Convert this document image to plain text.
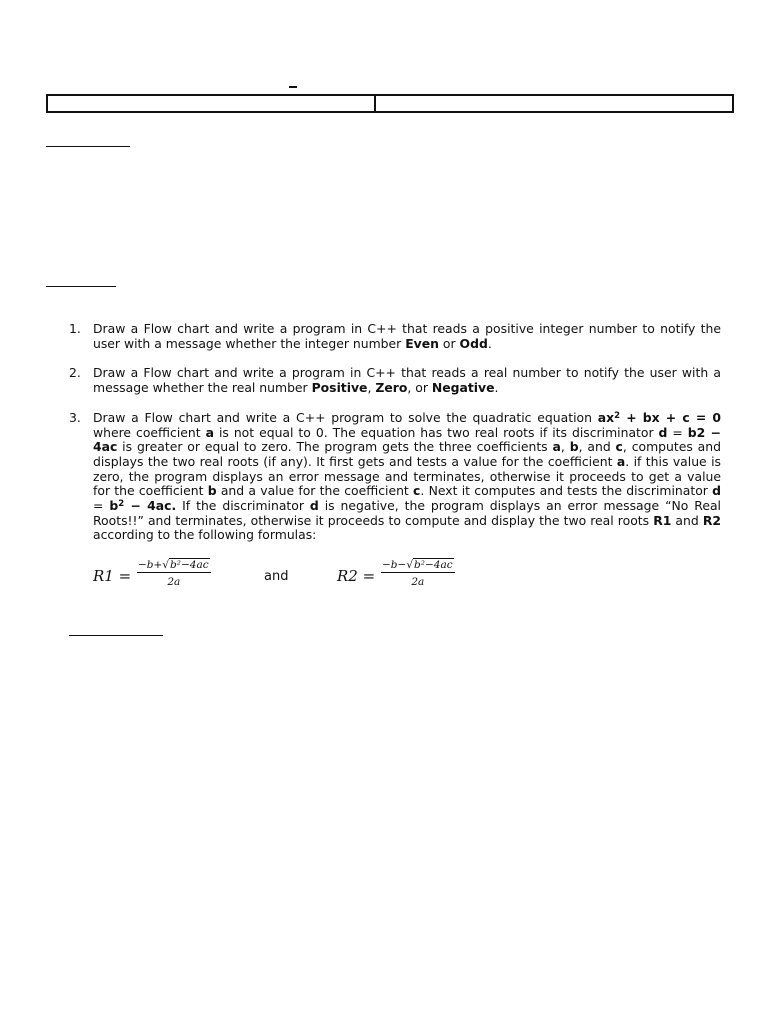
1. Draw a Flow chart and write a program in C++ that reads a positive integer number to notify the user with a message whether the integer number Even or Odd.
2. Draw a Flow chart and write a program in C++ that reads a real number to notify the user with a message whether the real number Positive, Zero, or Negative.
3. Draw a Flow chart and write a C++ program to solve the quadratic equation $ax^2$ + bx + c = 0 where coefficient a is not equal to 0. The equation has two real roots if its discriminator d = b2 − 4ac is greater or equal to zero. The program gets the three coefficients a, b, and c, computes and displays the two real roots (if any). It first gets and tests a value for the coefficient a. if this value is zero, the program displays an error message and terminates, otherwise it proceeds to get a value for the coefficient b and a value for the coefficient c. Next it computes and tests the discriminator $d = b^2 - 4ac$. If the discriminator d is negative, the program displays an error message “No Real Roots!!” and terminates, otherwise it proceeds to compute and display the two real roots R1 and R2 according to the following formulas:
$R1 = \frac{\text{−b+√b²−4ac}}{2a}$	and	$R2 = \frac{\text{−b−√b²−4ac}}{2a}$
